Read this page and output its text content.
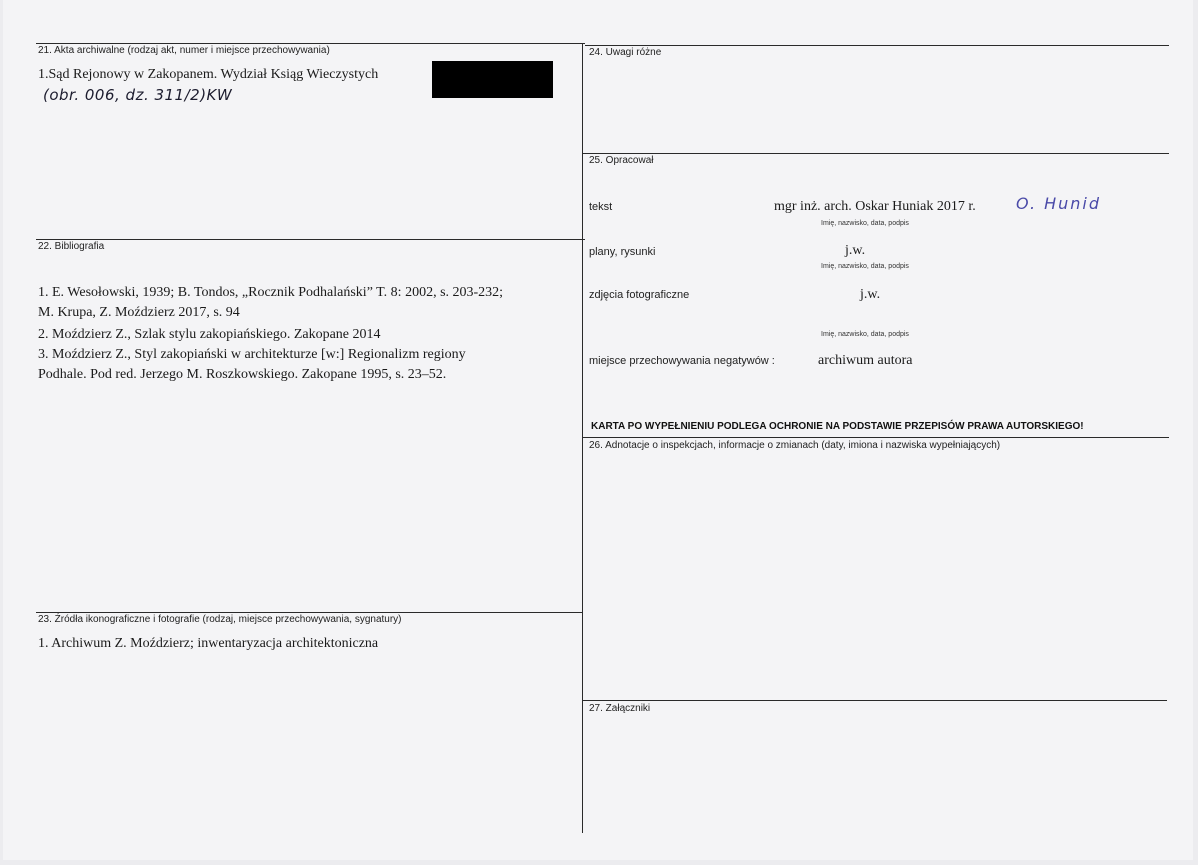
21. Akta archiwalne (rodzaj akt, numer i miejsce przechowywania)
1.Sąd Rejonowy w Zakopanem. Wydział Ksiąg Wieczystych
(obr. 006, dz. 311/2)KW
22. Bibliografia
1. E. Wesołowski, 1939; B. Tondos, „Rocznik Podhalański” T. 8: 2002, s. 203-232;
M. Krupa, Z. Moździerz 2017, s. 94
2. Moździerz Z., Szlak stylu zakopiańskiego. Zakopane 2014
3. Moździerz Z., Styl zakopiański w architekturze [w:] Regionalizm regiony
Podhale. Pod red. Jerzego M. Roszkowskiego. Zakopane 1995, s. 23–52.
23. Źródła ikonograficzne i fotografie (rodzaj, miejsce przechowywania, sygnatury)
1. Archiwum Z. Moździerz; inwentaryzacja architektoniczna
24. Uwagi różne
25. Opracował
tekst	mgr inż. arch. Oskar Huniak 2017 r.	O. Hunid
Imię, nazwisko, data, podpis
plany, rysunki	j.w.
Imię, nazwisko, data, podpis
zdjęcia fotograficzne	j.w.
Imię, nazwisko, data, podpis
miejsce przechowywania negatywów :	archiwum autora
KARTA PO WYPEŁNIENIU PODLEGA OCHRONIE NA PODSTAWIE PRZEPISÓW PRAWA AUTORSKIEGO!
26. Adnotacje o inspekcjach, informacje o zmianach (daty, imiona i nazwiska wypełniających)
27. Załączniki
